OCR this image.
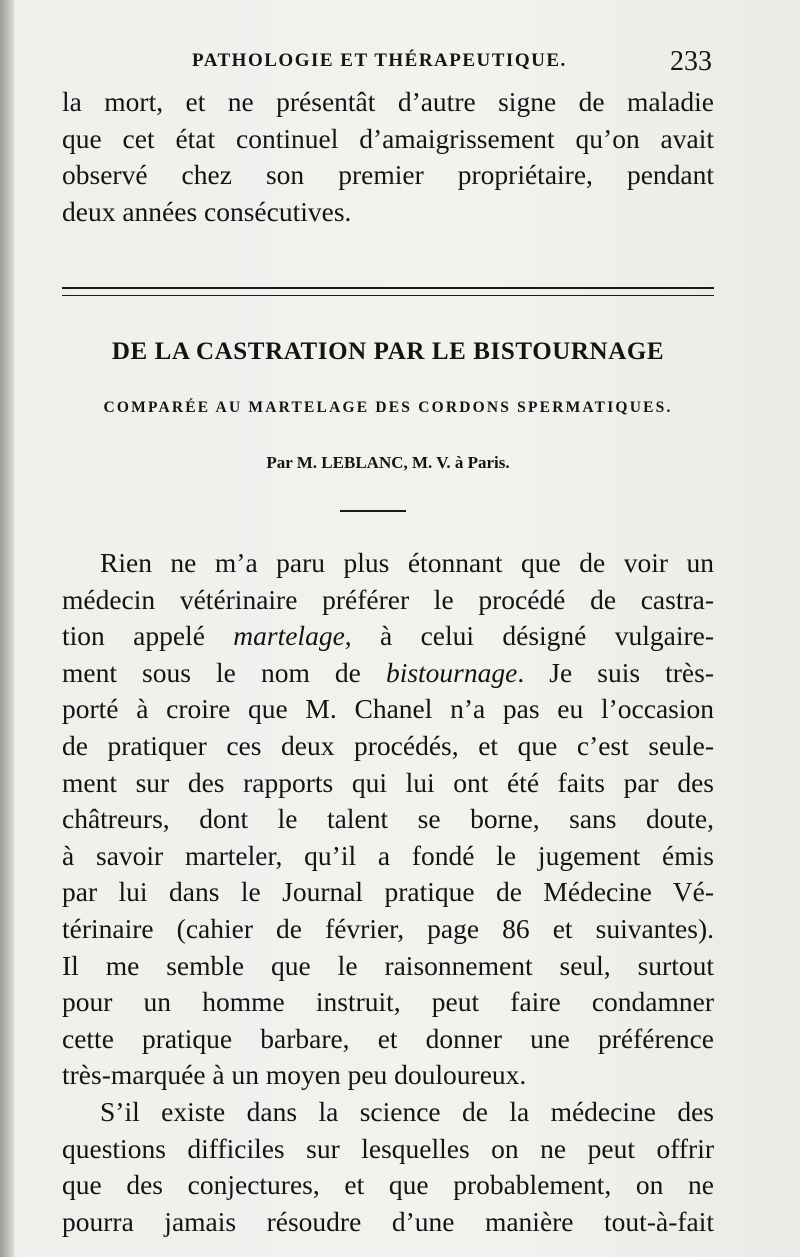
PATHOLOGIE ET THÉRAPEUTIQUE.	233
la mort, et ne présentât d’autre signe de maladie
que cet état continuel d’amaigrissement qu’on avait
observé chez son premier propriétaire, pendant
deux années consécutives.
DE LA CASTRATION PAR LE BISTOURNAGE
COMPARÉE AU MARTELAGE DES CORDONS SPERMATIQUES.
Par M. LEBLANC, M. V. à Paris.
Rien ne m’a paru plus étonnant que de voir un
médecin vétérinaire préférer le procédé de castra-
tion appelé martelage, à celui désigné vulgaire-
ment sous le nom de bistournage. Je suis très-
porté à croire que M. Chanel n’a pas eu l’occasion
de pratiquer ces deux procédés, et que c’est seule-
ment sur des rapports qui lui ont été faits par des
châtreurs, dont le talent se borne, sans doute,
à savoir marteler, qu’il a fondé le jugement émis
par lui dans le Journal pratique de Médecine Vé-
térinaire (cahier de février, page 86 et suivantes).
Il me semble que le raisonnement seul, surtout
pour un homme instruit, peut faire condamner
cette pratique barbare, et donner une préférence
très-marquée à un moyen peu douloureux.
S’il existe dans la science de la médecine des
questions difficiles sur lesquelles on ne peut offrir
que des conjectures, et que probablement, on ne
pourra jamais résoudre d’une manière tout-à-fait
